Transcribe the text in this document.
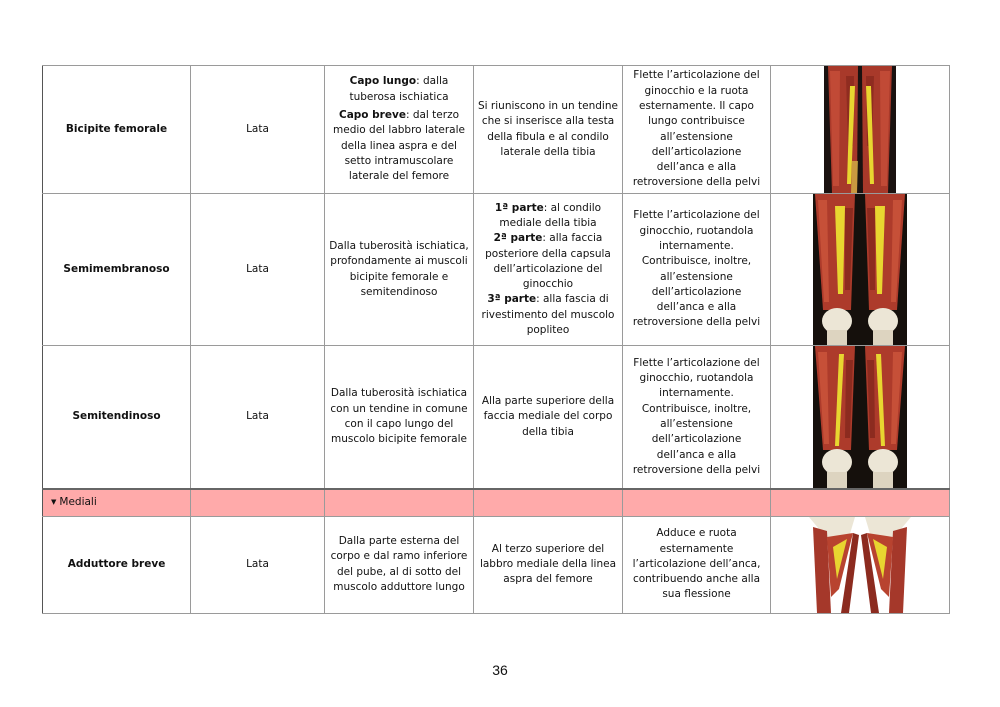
Bicipite femorale	Lata	Capo lungo: dalla tuberosa ischiatica
Capo breve: dal terzo medio del labbro laterale della linea aspra e del setto intramuscolare laterale del femore	Si riuniscono in un tendine che si inserisce alla testa della fibula e al condilo laterale della tibia	Flette l’articolazione del ginocchio e la ruota esternamente. Il capo lungo contribuisce all’estensione dell’articolazione dell’anca e alla retroversione della pelvi	

Semimembranoso	Lata	Dalla tuberosità ischiatica, profondamente ai muscoli bicipite femorale e semitendinoso	1ª parte: al condilo mediale della tibia
2ª parte: alla faccia posteriore della capsula dell’articolazione del ginocchio
3ª parte: alla fascia di rivestimento del muscolo popliteo	Flette l’articolazione del ginocchio, ruotandola internamente. Contribuisce, inoltre, all’estensione dell’articolazione dell’anca e alla retroversione della pelvi	

Semitendinoso	Lata	Dalla tuberosità ischiatica con un tendine in comune con il capo lungo del muscolo bicipite femorale	Alla parte superiore della faccia mediale del corpo della tibia	Flette l’articolazione del ginocchio, ruotandola internamente. Contribuisce, inoltre, all’estensione dell’articolazione dell’anca e alla retroversione della pelvi	

▼ Mediali					
Adduttore breve	Lata	Dalla parte esterna del corpo e dal ramo inferiore del pube, al di sotto del muscolo adduttore lungo	Al terzo superiore del labbro mediale della linea aspra del femore	Adduce e ruota esternamente l’articolazione dell’anca, contribuendo anche alla sua flessione	
36
